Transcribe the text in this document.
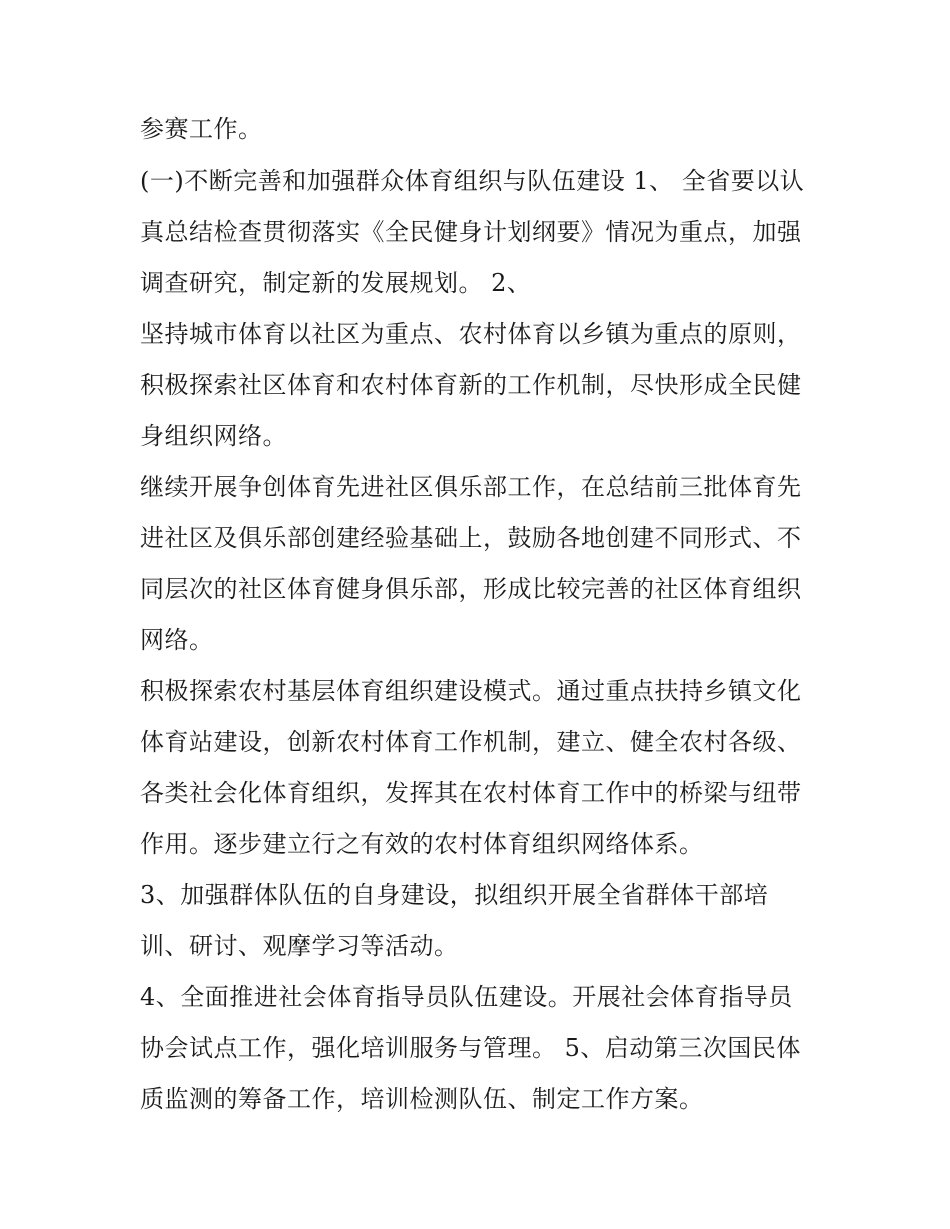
参赛工作。
(一)不断完善和加强群众体育组织与队伍建设 1、 全省要以认
真总结检查贯彻落实《全民健身计划纲要》情况为重点，加强
调查研究，制定新的发展规划。 2、
坚持城市体育以社区为重点、农村体育以乡镇为重点的原则，
积极探索社区体育和农村体育新的工作机制，尽快形成全民健
身组织网络。
继续开展争创体育先进社区俱乐部工作，在总结前三批体育先
进社区及俱乐部创建经验基础上，鼓励各地创建不同形式、不
同层次的社区体育健身俱乐部，形成比较完善的社区体育组织
网络。
积极探索农村基层体育组织建设模式。通过重点扶持乡镇文化
体育站建设，创新农村体育工作机制，建立、健全农村各级、
各类社会化体育组织，发挥其在农村体育工作中的桥梁与纽带
作用。逐步建立行之有效的农村体育组织网络体系。
3、加强群体队伍的自身建设，拟组织开展全省群体干部培
训、研讨、观摩学习等活动。
4、全面推进社会体育指导员队伍建设。开展社会体育指导员
协会试点工作，强化培训服务与管理。 5、启动第三次国民体
质监测的筹备工作，培训检测队伍、制定工作方案。
